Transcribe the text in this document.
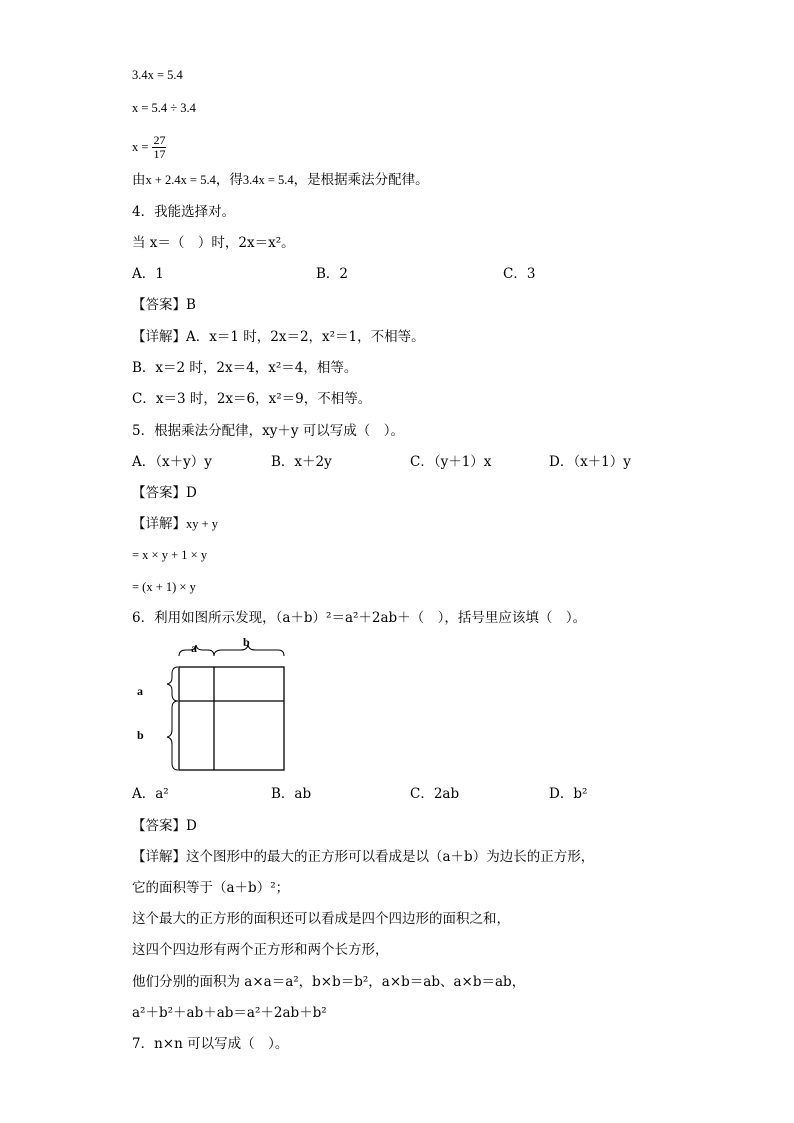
3.4x = 5.4
x = 5.4 ÷ 3.4
$x = \frac{27}{17}$
由x + 2.4x = 5.4，得3.4x = 5.4，是根据乘法分配律。
4．我能选择对。
当 x＝（　）时，2x＝x²。
A．1	B．2	C．3
【答案】B
【详解】A．x＝1 时，2x＝2，x²＝1，不相等。
B．x＝2 时，2x＝4，x²＝4，相等。
C．x＝3 时，2x＝6，x²＝9，不相等。
5．根据乘法分配律，xy＋y 可以写成（　）。
A．（x＋y）y	B．x＋2y	C．（y＋1）x	D．（x＋1）y
【答案】D
【详解】xy + y
= x × y + 1 × y
= (x + 1) × y
6．利用如图所示发现，（a＋b）²＝a²＋2ab＋（　），括号里应该填（　）。
a	b
a
b
A．a²	B．ab	C．2ab	D．b²
【答案】D
【详解】这个图形中的最大的正方形可以看成是以（a＋b）为边长的正方形，
它的面积等于（a＋b）²；
这个最大的正方形的面积还可以看成是四个四边形的面积之和，
这四个四边形有两个正方形和两个长方形，
他们分别的面积为 a×a＝a²，b×b＝b²，a×b＝ab、a×b＝ab，
a²＋b²＋ab＋ab＝a²＋2ab＋b²
7．n×n 可以写成（　）。
